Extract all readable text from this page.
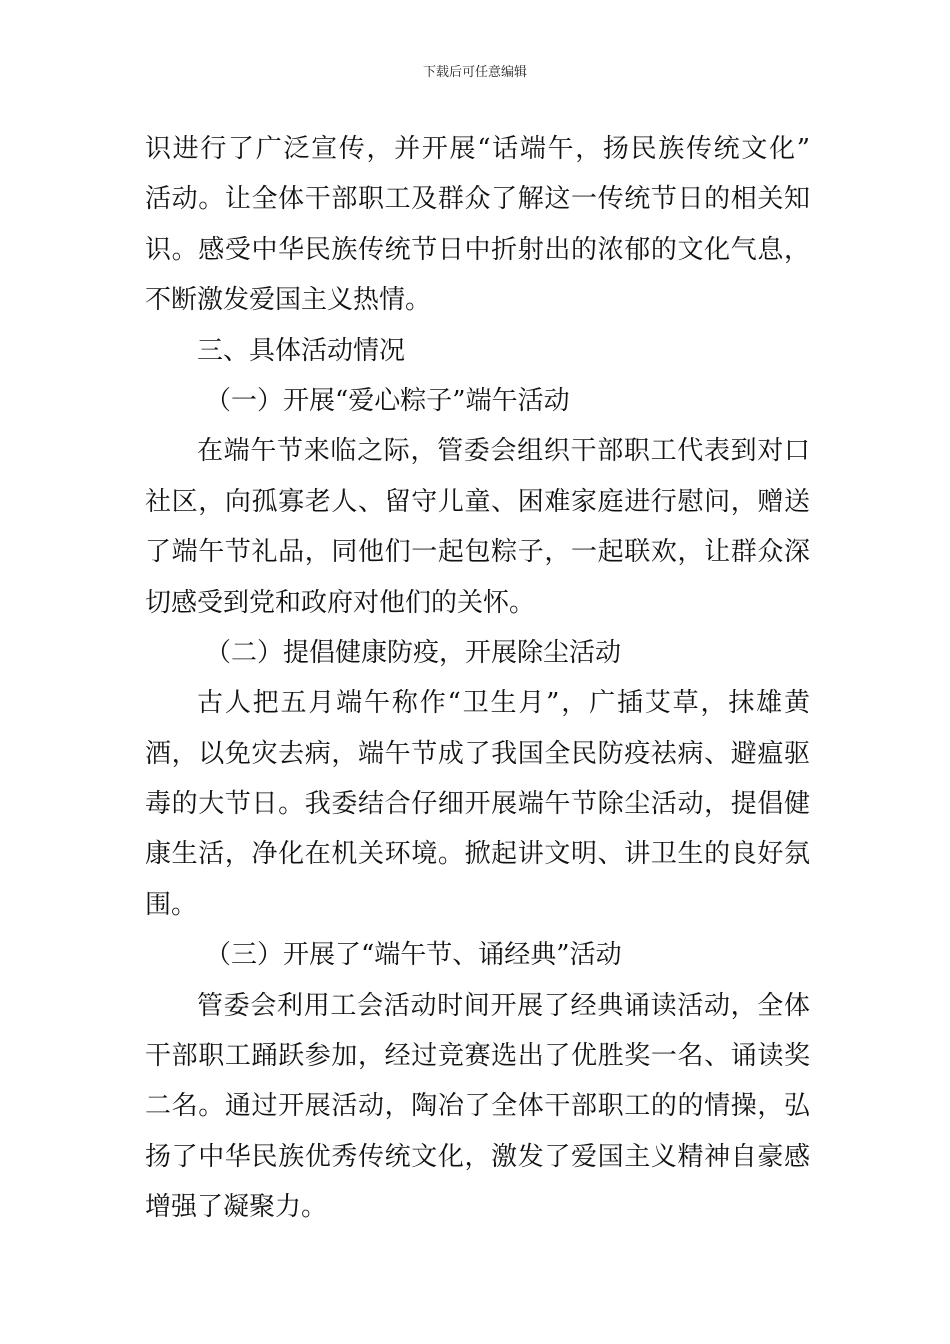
下载后可任意编辑
识进行了广泛宣传，并开展“话端午，扬民族传统文化”
活动。让全体干部职工及群众了解这一传统节日的相关知
识。感受中华民族传统节日中折射出的浓郁的文化气息，
不断激发爱国主义热情。
三、具体活动情况
（一）开展“爱心粽子”端午活动
在端午节来临之际，管委会组织干部职工代表到对口
社区，向孤寡老人、留守儿童、困难家庭进行慰问，赠送
了端午节礼品，同他们一起包粽子，一起联欢，让群众深
切感受到党和政府对他们的关怀。
（二）提倡健康防疫，开展除尘活动
古人把五月端午称作“卫生月”，广插艾草，抹雄黄
酒，以免灾去病，端午节成了我国全民防疫祛病、避瘟驱
毒的大节日。我委结合仔细开展端午节除尘活动，提倡健
康生活，净化在机关环境。掀起讲文明、讲卫生的良好氛
围。
（三）开展了“端午节、诵经典”活动
管委会利用工会活动时间开展了经典诵读活动，全体
干部职工踊跃参加，经过竞赛选出了优胜奖一名、诵读奖
二名。通过开展活动，陶冶了全体干部职工的的情操，弘
扬了中华民族优秀传统文化，激发了爱国主义精神自豪感
增强了凝聚力。
